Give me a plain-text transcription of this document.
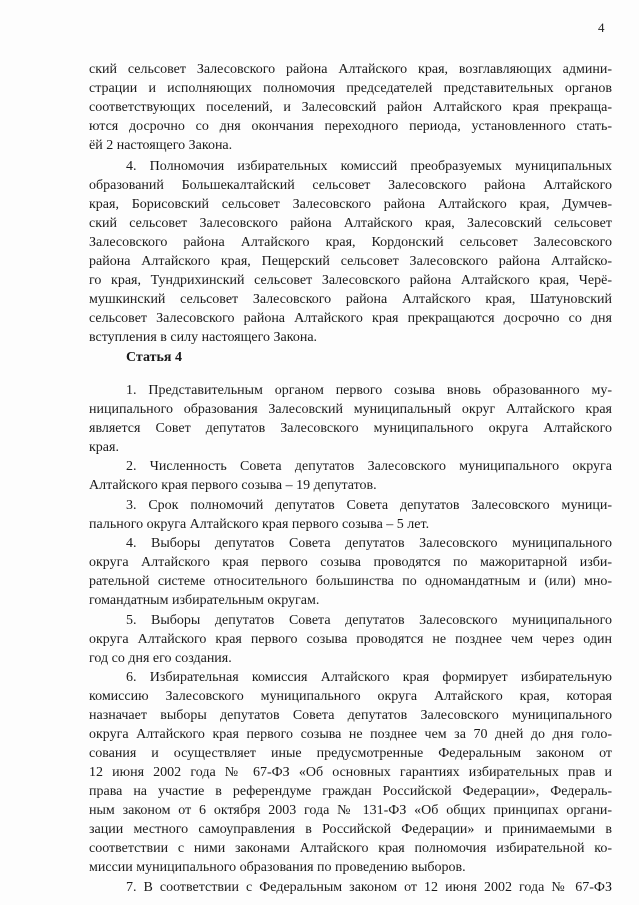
4
ский сельсовет Залесовского района Алтайского края, возглавляющих админи-
страции и исполняющих полномочия председателей представительных органов
соответствующих поселений, и Залесовский район Алтайского края прекраща-
ются досрочно со дня окончания переходного периода, установленного стать-
ёй 2 настоящего Закона.
4. Полномочия избирательных комиссий преобразуемых муниципальных
образований Большекалтайский сельсовет Залесовского района Алтайского
края, Борисовский сельсовет Залесовского района Алтайского края, Думчев-
ский сельсовет Залесовского района Алтайского края, Залесовский сельсовет
Залесовского района Алтайского края, Кордонский сельсовет Залесовского
района Алтайского края, Пещерский сельсовет Залесовского района Алтайско-
го края, Тундрихинский сельсовет Залесовского района Алтайского края, Черё-
мушкинский сельсовет Залесовского района Алтайского края, Шатуновский
сельсовет Залесовского района Алтайского края прекращаются досрочно со дня
вступления в силу настоящего Закона.
1. Представительным органом первого созыва вновь образованного му-
ниципального образования Залесовский муниципальный округ Алтайского края
является Совет депутатов Залесовского муниципального округа Алтайского
края.
2. Численность Совета депутатов Залесовского муниципального округа
Алтайского края первого созыва – 19 депутатов.
3. Срок полномочий депутатов Совета депутатов Залесовского муници-
пального округа Алтайского края первого созыва – 5 лет.
4. Выборы депутатов Совета депутатов Залесовского муниципального
округа Алтайского края первого созыва проводятся по мажоритарной изби-
рательной системе относительного большинства по одномандатным и (или) мно-
гомандатным избирательным округам.
5. Выборы депутатов Совета депутатов Залесовского муниципального
округа Алтайского края первого созыва проводятся не позднее чем через один
год со дня его создания.
6. Избирательная комиссия Алтайского края формирует избирательную
комиссию Залесовского муниципального округа Алтайского края, которая
назначает выборы депутатов Совета депутатов Залесовского муниципального
округа Алтайского края первого созыва не позднее чем за 70 дней до дня голо-
сования и осуществляет иные предусмотренные Федеральным законом от
12 июня 2002 года № 67-ФЗ «Об основных гарантиях избирательных прав и
права на участие в референдуме граждан Российской Федерации», Федераль-
ным законом от 6 октября 2003 года № 131-ФЗ «Об общих принципах органи-
зации местного самоуправления в Российской Федерации» и принимаемыми в
соответствии с ними законами Алтайского края полномочия избирательной ко-
миссии муниципального образования по проведению выборов.
7. В соответствии с Федеральным законом от 12 июня 2002 года № 67-ФЗ
Статья 4
